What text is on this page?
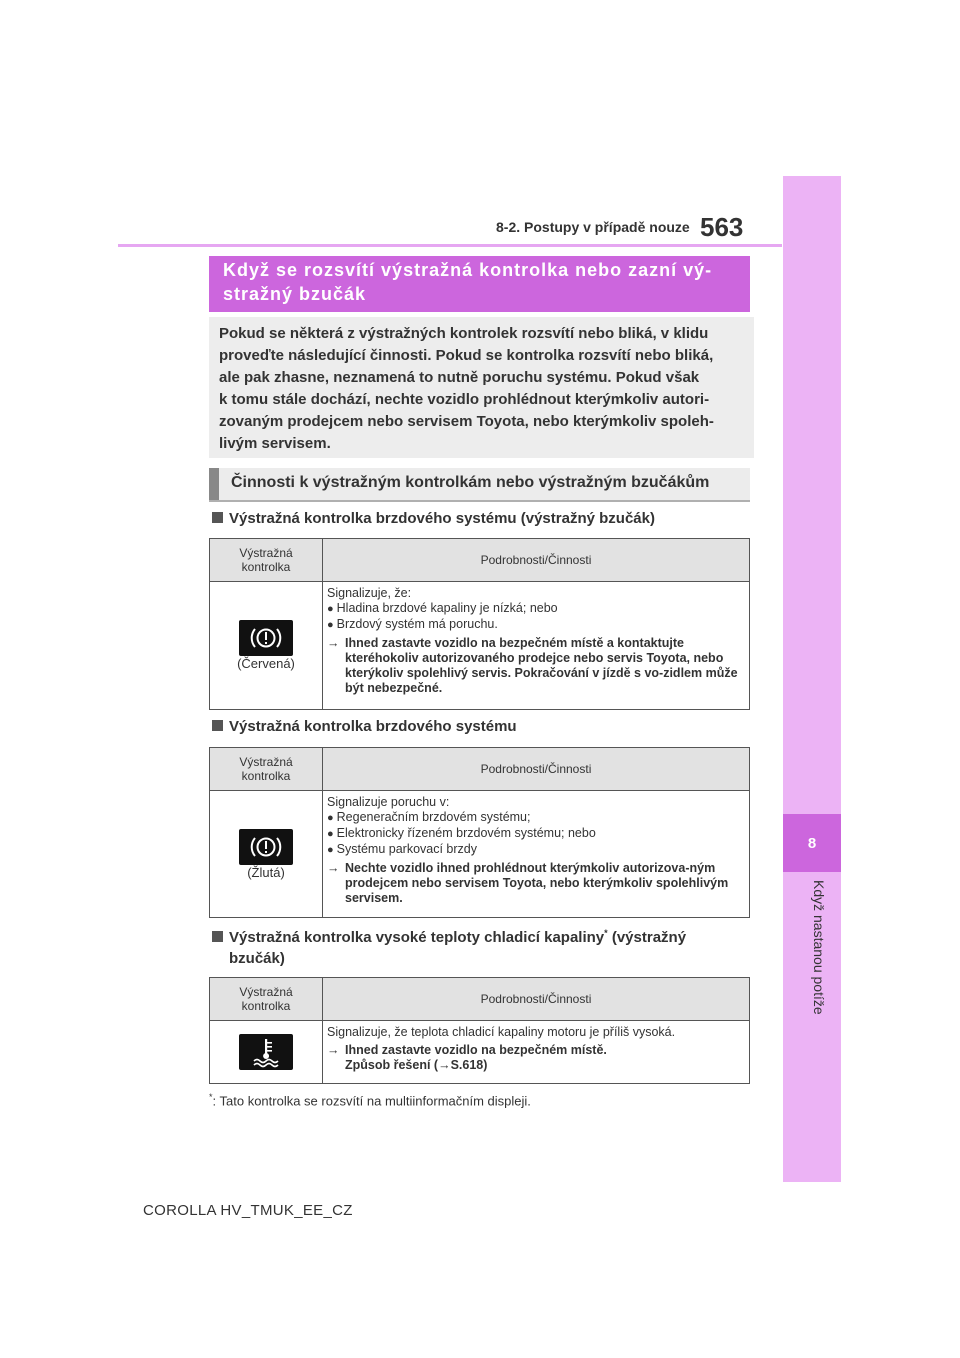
8-2. Postupy v případě nouze 563
8
Když nastanou potíže
Když se rozsvítí výstražná kontrolka nebo zazní vý-
stražný bzučák
Pokud se některá z výstražných kontrolek rozsvítí nebo bliká, v klidu
proveďte následující činnosti. Pokud se kontrolka rozsvítí nebo bliká,
ale pak zhasne, neznamená to nutně poruchu systému. Pokud však
k tomu stále dochází, nechte vozidlo prohlédnout kterýmkoliv autori-
zovaným prodejcem nebo servisem Toyota, nebo kterýmkoliv spoleh-
livým servisem.
Činnosti k výstražným kontrolkám nebo výstražným bzučákům
Výstražná kontrolka brzdového systému (výstražný bzučák)
Výstražná
kontrolka	Podrobnosti/Činnosti

(Červená)	Signalizuje, že:
● Hladina brzdové kapaliny je nízká; nebo
● Brzdový systém má poruchu.
→ Ihned zastavte vozidlo na bezpečném místě a kontaktujte kteréhokoliv autorizovaného prodejce nebo servis Toyota, nebo kterýkoliv spolehlivý servis. Pokračování v jízdě s vo-zidlem může být nebezpečné.
Výstražná kontrolka brzdového systému
Výstražná
kontrolka	Podrobnosti/Činnosti

(Žlutá)	Signalizuje poruchu v:
● Regeneračním brzdovém systému;
● Elektronicky řízeném brzdovém systému; nebo
● Systému parkovací brzdy
→ Nechte vozidlo ihned prohlédnout kterýmkoliv autorizova-ným prodejcem nebo servisem Toyota, nebo kterýmkoliv spolehlivým servisem.
Výstražná kontrolka vysoké teploty chladicí kapaliny* (výstražný
bzučák)
Výstražná
kontrolka	Podrobnosti/Činnosti

Signalizuje, že teplota chladicí kapaliny motoru je příliš vysoká.
→ Ihned zastavte vozidlo na bezpečném místě.
Způsob řešení (→S.618)
*: Tato kontrolka se rozsvítí na multiinformačním displeji.
COROLLA HV_TMUK_EE_CZ
